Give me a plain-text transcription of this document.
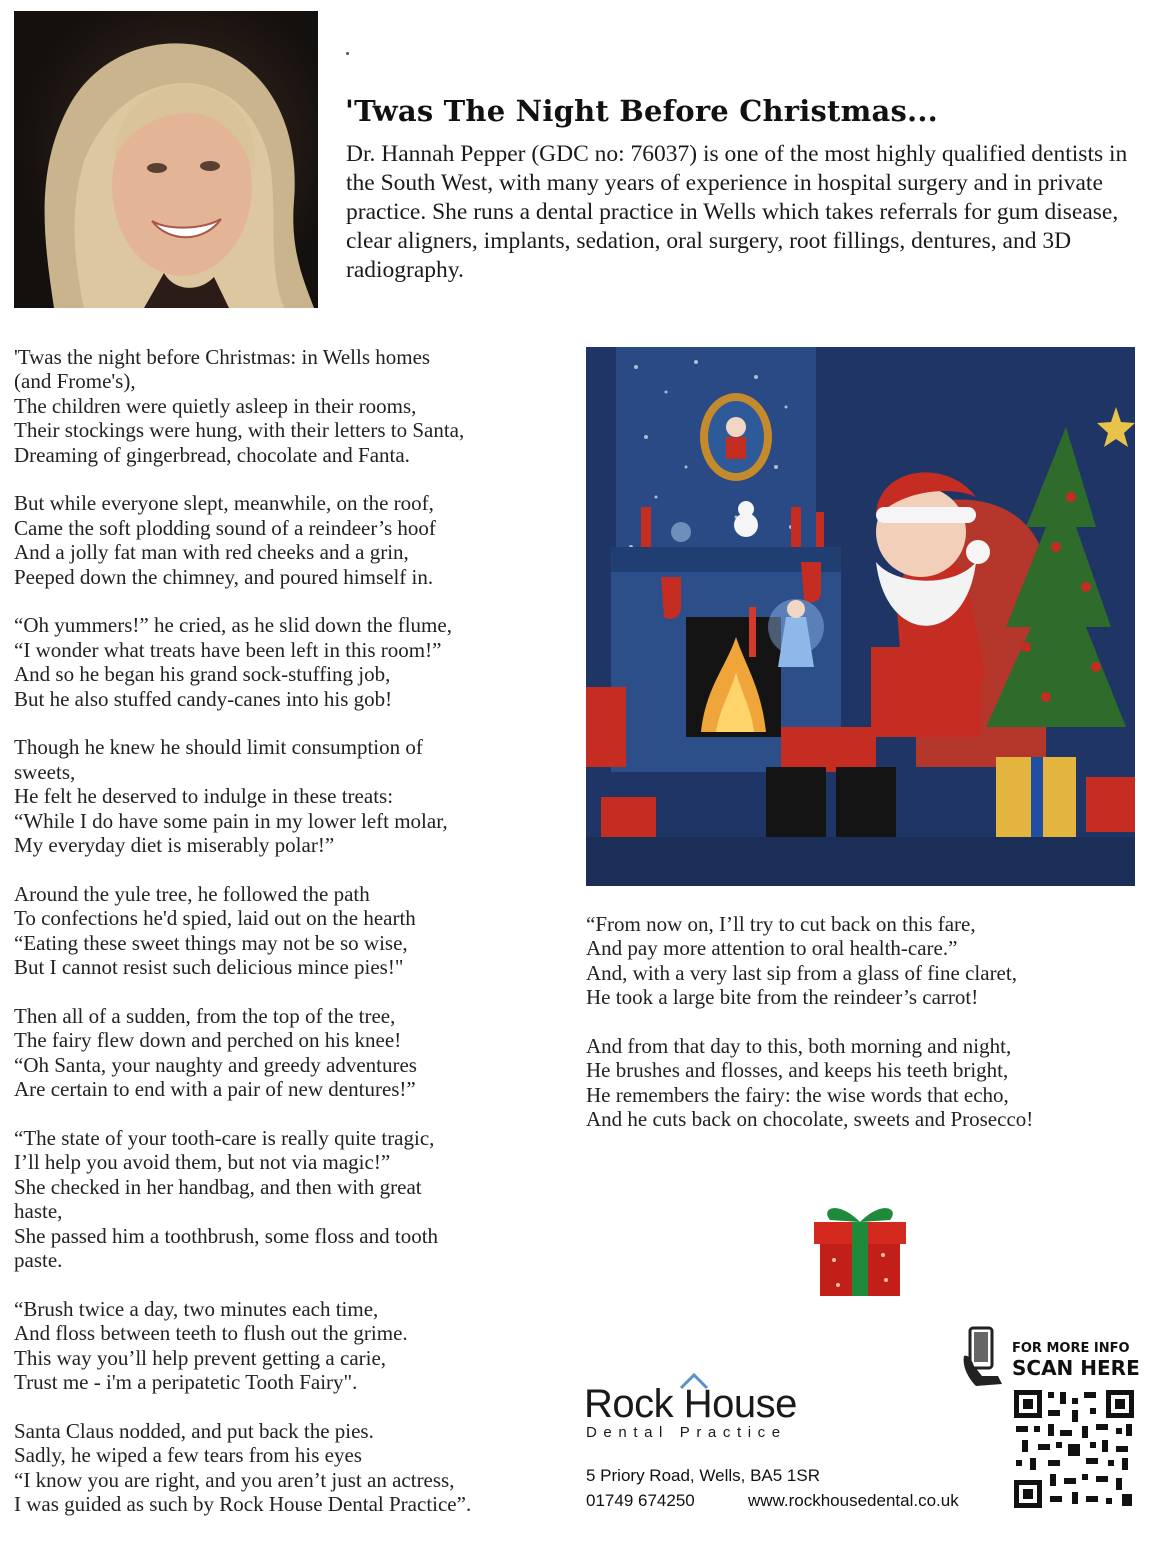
'Twas The Night Before Christmas...

Dr. Hannah Pepper (GDC no: 76037) is one of the most highly qualified dentists in the South West, with many years of experience in hospital surgery and in private practice. She runs a dental practice in Wells which takes referrals for gum disease, clear aligners, implants, sedation, oral surgery, root fillings, dentures, and 3D radiography.

'Twas the night before Christmas: in Wells homes
(and Frome's),
The children were quietly asleep in their rooms,
Their stockings were hung, with their letters to Santa,
Dreaming of gingerbread, chocolate and Fanta.

But while everyone slept, meanwhile, on the roof,
Came the soft plodding sound of a reindeer’s hoof
And a jolly fat man with red cheeks and a grin,
Peeped down the chimney, and poured himself in.

“Oh yummers!” he cried, as he slid down the flume,
“I wonder what treats have been left in this room!”
And so he began his grand sock-stuffing job,
But he also stuffed candy-canes into his gob!

Though he knew he should limit consumption of
sweets,
He felt he deserved to indulge in these treats:
“While I do have some pain in my lower left molar,
My everyday diet is miserably polar!”

Around the yule tree, he followed the path
To confections he'd spied, laid out on the hearth
“Eating these sweet things may not be so wise,
But I cannot resist such delicious mince pies!"

Then all of a sudden, from the top of the tree,
The fairy flew down and perched on his knee!
“Oh Santa, your naughty and greedy adventures
Are certain to end with a pair of new dentures!”

“The state of your tooth-care is really quite tragic,
I’ll help you avoid them, but not via magic!”
She checked in her handbag, and then with great
haste,
She passed him a toothbrush, some floss and tooth
paste.

“Brush twice a day, two minutes each time,
And floss between teeth to flush out the grime.
This way you’ll help prevent getting a carie,
Trust me - i'm a peripatetic Tooth Fairy".

Santa Claus nodded, and put back the pies.
Sadly, he wiped a few tears from his eyes
“I know you are right, and you aren’t just an actress,
I was guided as such by Rock House Dental Practice”.

“From now on, I’ll try to cut back on this fare,
And pay more attention to oral health-care.”
And, with a very last sip from a glass of fine claret,
He took a large bite from the reindeer’s carrot!

And from that day to this, both morning and night,
He brushes and flosses, and keeps his teeth bright,
He remembers the fairy: the wise words that echo,
And he cuts back on chocolate, sweets and Prosecco!

FOR MORE INFO
SCAN HERE
Rock House
Dental Practice
5 Priory Road, Wells, BA5 1SR
01749 674250	www.rockhousedental.co.uk
